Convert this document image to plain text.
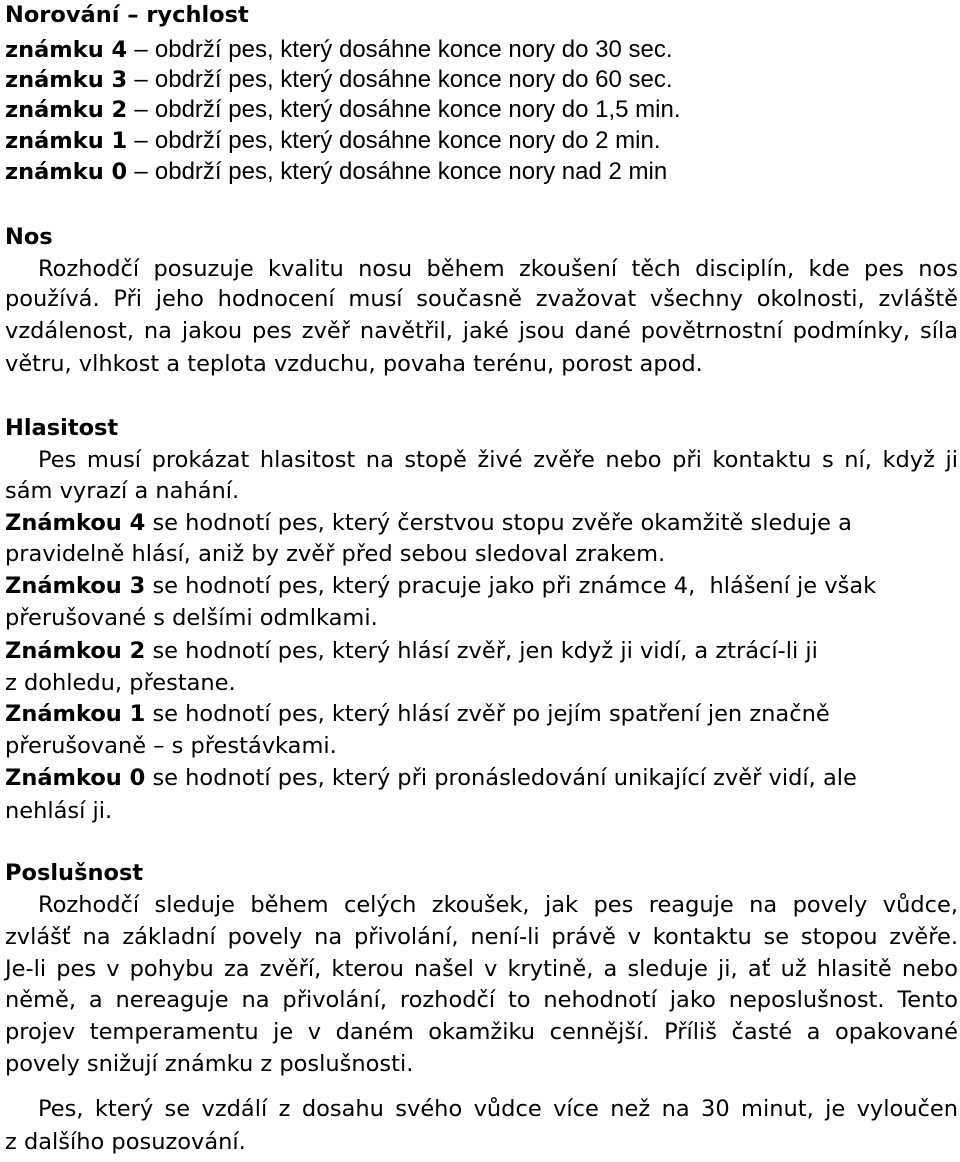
Norování – rychlost
známku 4 – obdrží pes, který dosáhne konce nory do 30 sec.
známku 3 – obdrží pes, který dosáhne konce nory do 60 sec.
známku 2 – obdrží pes, který dosáhne konce nory do 1,5 min.
známku 1 – obdrží pes, který dosáhne konce nory do 2 min.
známku 0 – obdrží pes, který dosáhne konce nory nad 2 min
Nos
Rozhodčí posuzuje kvalitu nosu během zkoušení těch disciplín, kde pes nos
používá. Při jeho hodnocení musí současně zvažovat všechny okolnosti, zvláště
vzdálenost, na jakou pes zvěř navětřil, jaké jsou dané povětrnostní podmínky, síla
větru, vlhkost a teplota vzduchu, povaha terénu, porost apod.
Hlasitost
Pes musí prokázat hlasitost na stopě živé zvěře nebo při kontaktu s ní, když ji
sám vyrazí a nahání.
Známkou 4 se hodnotí pes, který čerstvou stopu zvěře okamžitě sleduje a
pravidelně hlásí, aniž by zvěř před sebou sledoval zrakem.
Známkou 3 se hodnotí pes, který pracuje jako při známce 4,  hlášení je však
přerušované s delšími odmlkami.
Známkou 2 se hodnotí pes, který hlásí zvěř, jen když ji vidí, a ztrácí-li ji
z dohledu, přestane.
Známkou 1 se hodnotí pes, který hlásí zvěř po jejím spatření jen značně
přerušovaně – s přestávkami.
Známkou 0 se hodnotí pes, který při pronásledování unikající zvěř vidí, ale
nehlásí ji.
Poslušnost
Rozhodčí sleduje během celých zkoušek, jak pes reaguje na povely vůdce,
zvlášť na základní povely na přivolání, není-li právě v kontaktu se stopou zvěře.
Je-li pes v pohybu za zvěří, kterou našel v krytině, a sleduje ji, ať už hlasitě nebo
němě, a nereaguje na přivolání, rozhodčí to nehodnotí jako neposlušnost. Tento
projev temperamentu je v daném okamžiku cennější. Příliš časté a opakované
povely snižují známku z poslušnosti.
Pes, který se vzdálí z dosahu svého vůdce více než na 30 minut, je vyloučen
z dalšího posuzování.
